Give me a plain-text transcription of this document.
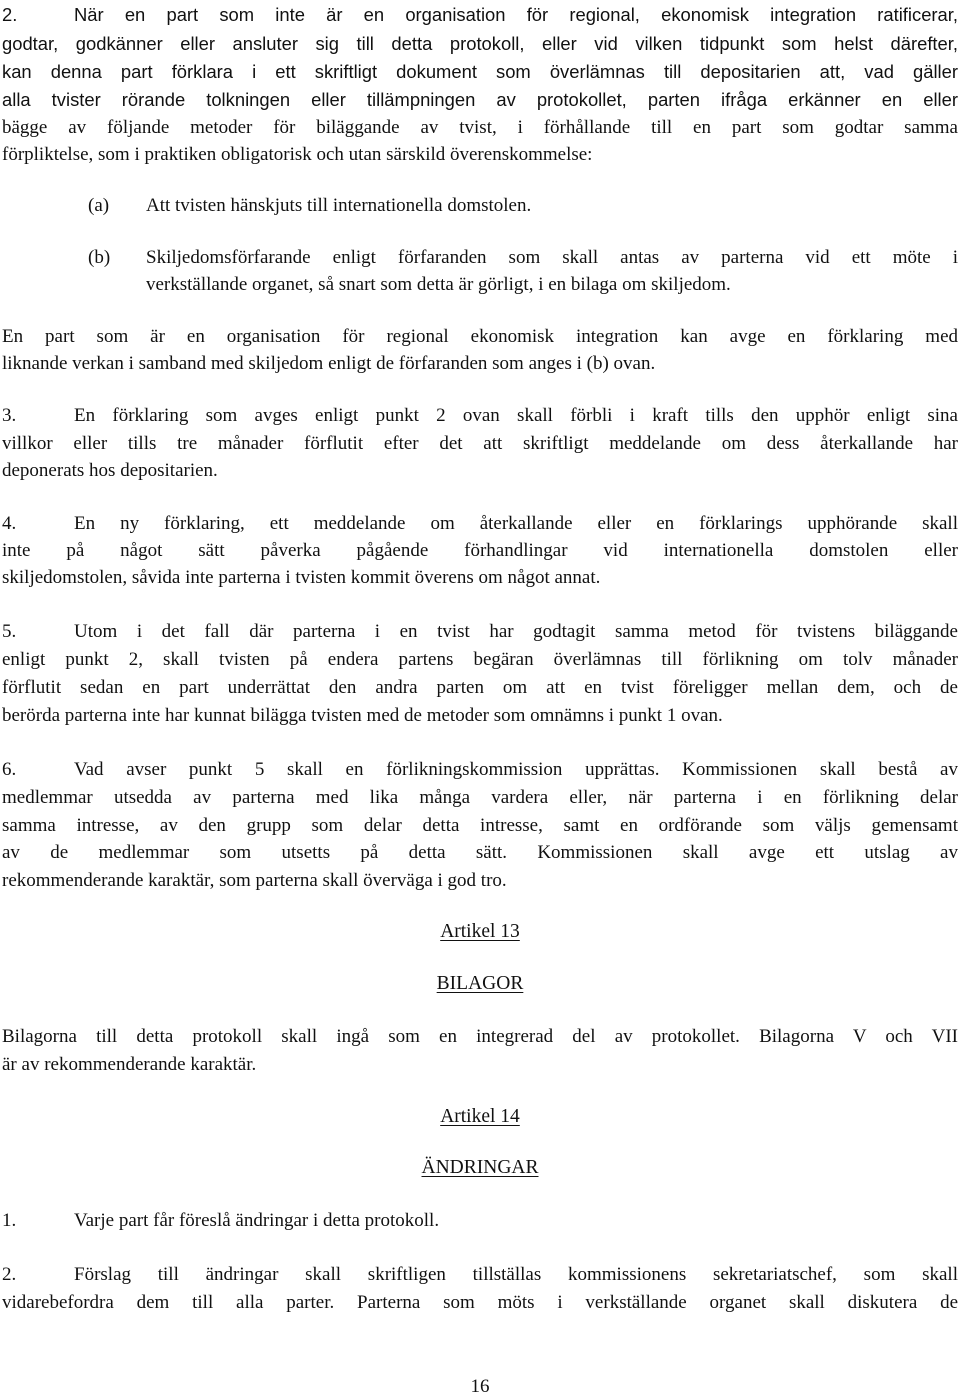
2.	När en part som inte är en organisation för regional, ekonomisk integration ratificerar,
godtar, godkänner eller ansluter sig till detta protokoll, eller vid vilken tidpunkt som helst därefter,
kan denna part förklara i ett skriftligt dokument som överlämnas till depositarien att, vad gäller
alla tvister rörande tolkningen eller tillämpningen av protokollet, parten ifråga erkänner en eller
bägge av följande metoder för biläggande av tvist, i förhållande till en part som godtar samma
förpliktelse, som i praktiken obligatorisk och utan särskild överenskommelse:
(a)	Att tvisten hänskjuts till internationella domstolen.
(b)	Skiljedomsförfarande enligt förfaranden som skall antas av parterna vid ett möte i
verkställande organet, så snart som detta är görligt, i en bilaga om skiljedom.
En part som är en organisation för regional ekonomisk integration kan avge en förklaring med
liknande verkan i samband med skiljedom enligt de förfaranden som anges i (b) ovan.
3.	En förklaring som avges enligt punkt 2 ovan skall förbli i kraft tills den upphör enligt sina
villkor eller tills tre månader förflutit efter det att skriftligt meddelande om dess återkallande har
deponerats hos depositarien.
4.	En ny förklaring, ett meddelande om återkallande eller en förklarings upphörande skall
inte på något sätt påverka pågående förhandlingar vid internationella domstolen eller
skiljedomstolen, såvida inte parterna i tvisten kommit överens om något annat.
5.	Utom i det fall där parterna i en tvist har godtagit samma metod för tvistens biläggande
enligt punkt 2, skall tvisten på endera partens begäran överlämnas till förlikning om tolv månader
förflutit sedan en part underrättat den andra parten om att en tvist föreligger mellan dem, och de
berörda parterna inte har kunnat bilägga tvisten med de metoder som omnämns i punkt 1 ovan.
6.	Vad avser punkt 5 skall en förlikningskommission upprättas. Kommissionen skall bestå av
medlemmar utsedda av parterna med lika många vardera eller, när parterna i en förlikning delar
samma intresse, av den grupp som delar detta intresse, samt en ordförande som väljs gemensamt
av de medlemmar som utsetts på detta sätt. Kommissionen skall avge ett utslag av
rekommenderande karaktär, som parterna skall överväga i god tro.
Artikel 13
BILAGOR
Bilagorna till detta protokoll skall ingå som en integrerad del av protokollet. Bilagorna V och VII
är av rekommenderande karaktär.
Artikel 14
ÄNDRINGAR
1.	Varje part får föreslå ändringar i detta protokoll.
2.	Förslag till ändringar skall skriftligen tillställas kommissionens sekretariatschef, som skall
vidarebefordra dem till alla parter. Parterna som möts i verkställande organet skall diskutera de
16
